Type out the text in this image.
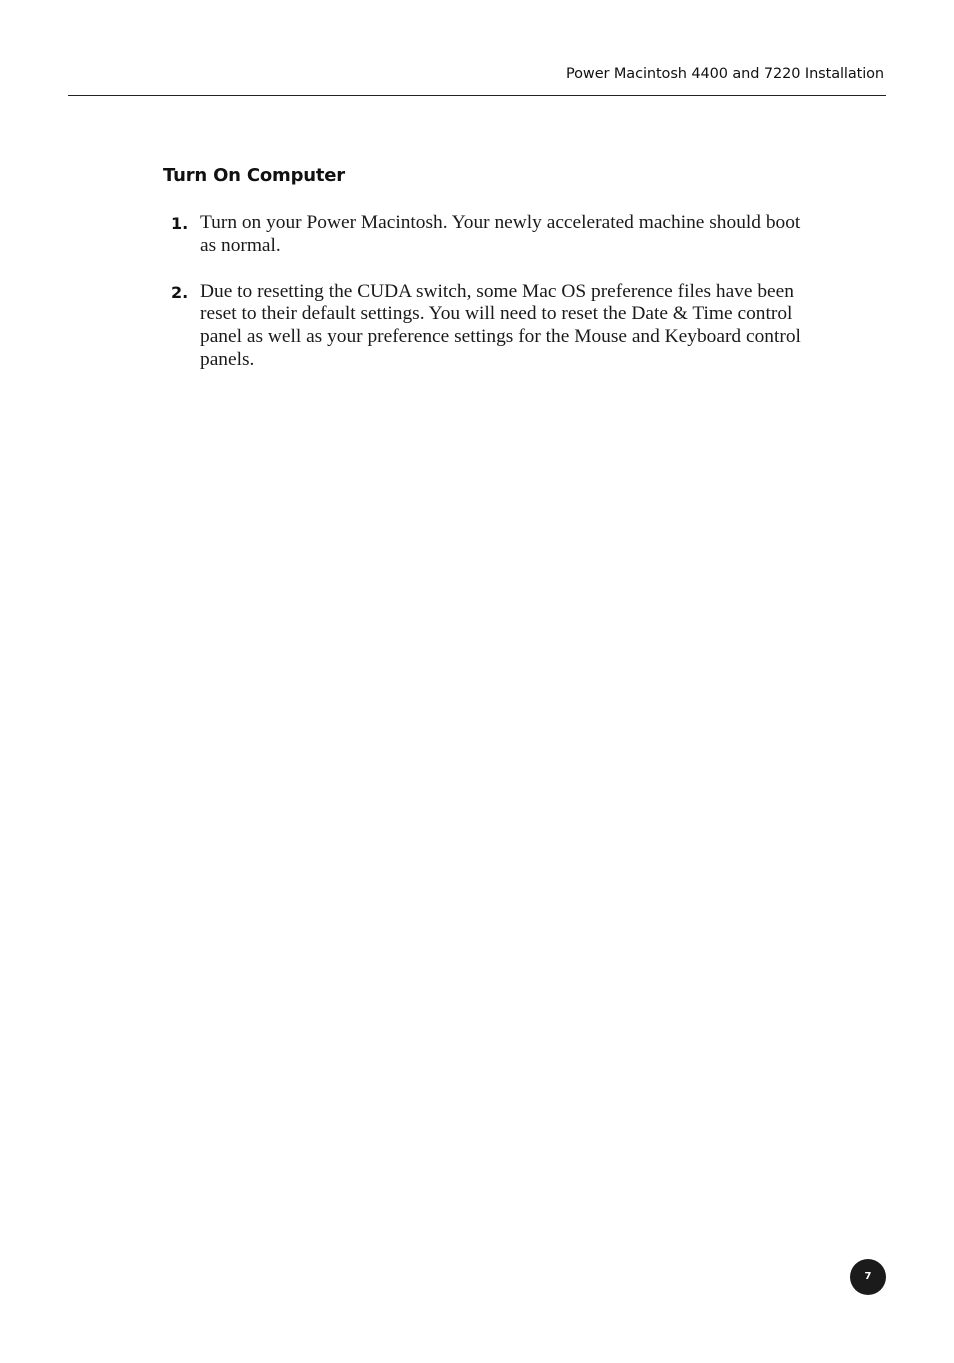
Power Macintosh 4400 and 7220 Installation
Turn On Computer
1. Turn on your Power Macintosh. Your newly accelerated machine should boot as normal.
2. Due to resetting the CUDA switch, some Mac OS preference files have been reset to their default settings. You will need to reset the Date & Time control panel as well as your preference settings for the Mouse and Keyboard control panels.
7
